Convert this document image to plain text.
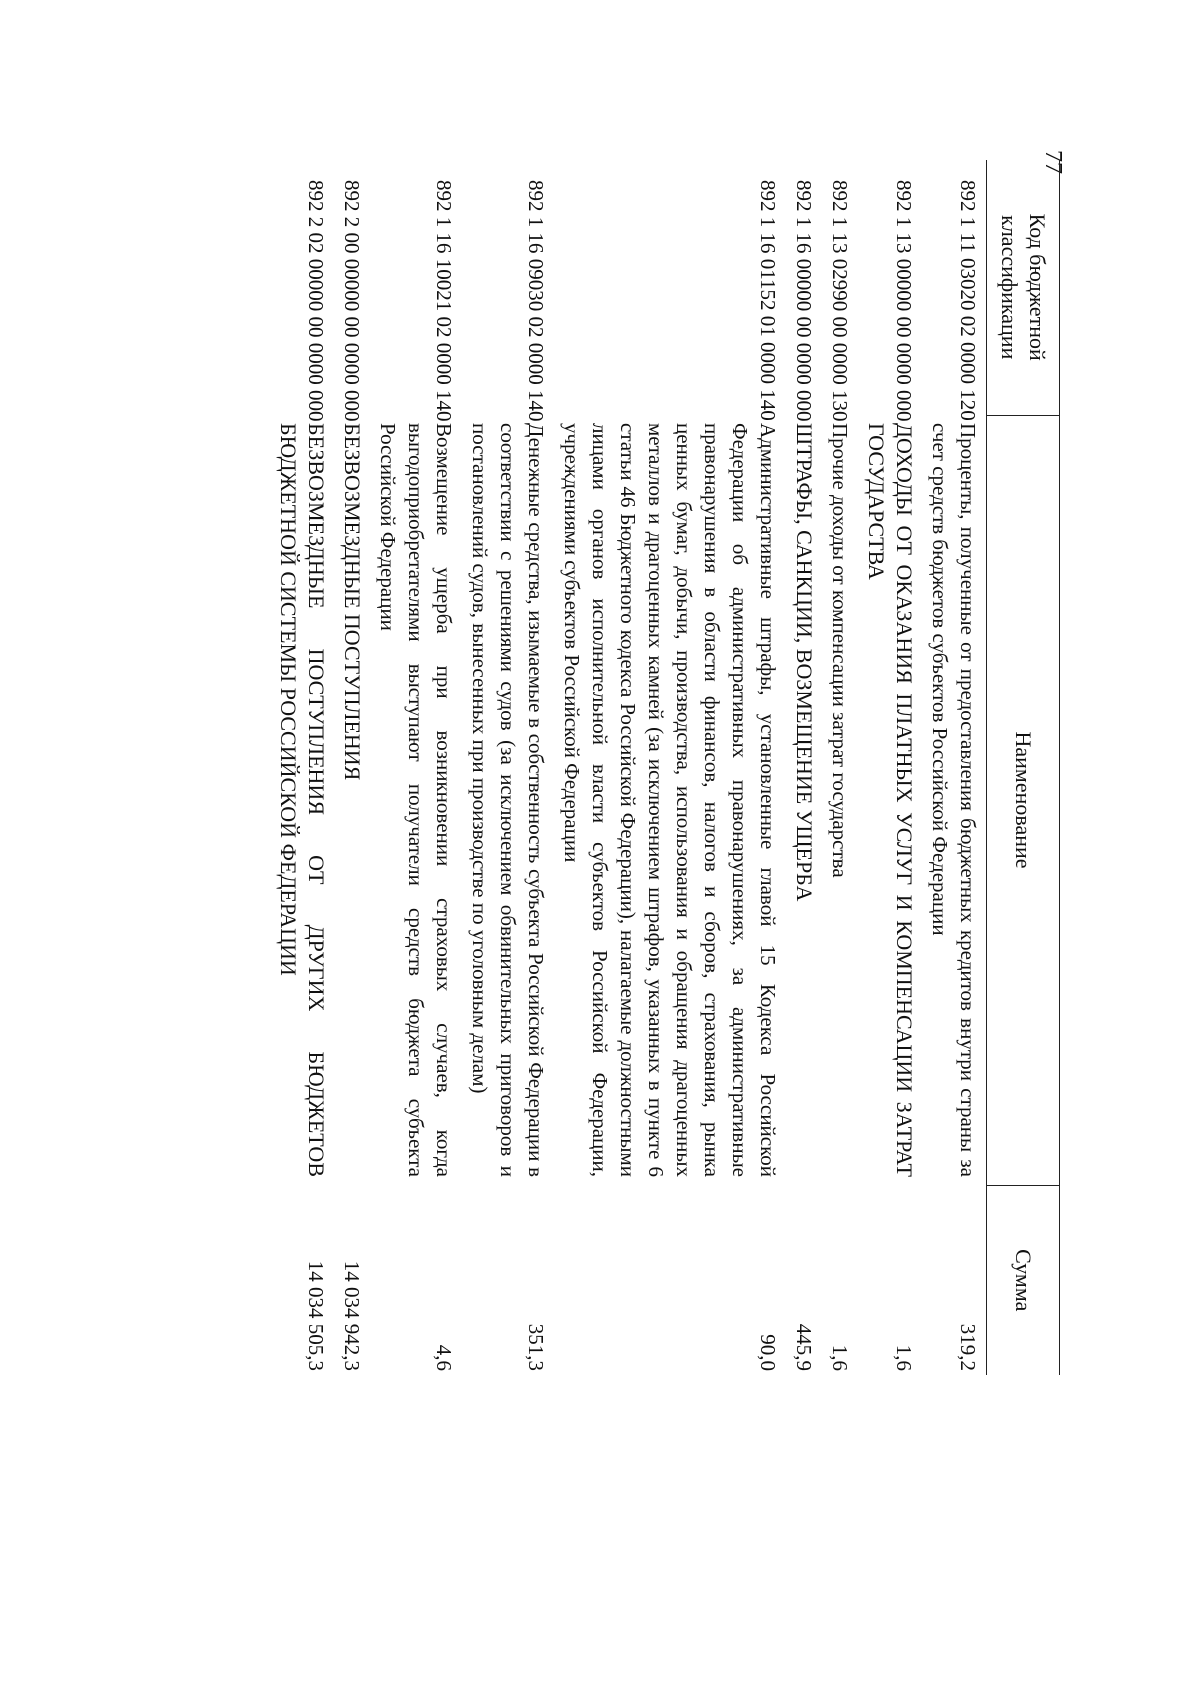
77
Код бюджетной классификации	Наименование	Сумма	
892 1 11 03020 02 0000 120	Проценты, полученные от предоставления бюджетных кредитов внутри страны за счет средств бюджетов субъектов Российской Федерации	319,2	
892 1 13 00000 00 0000 000	ДОХОДЫ ОТ ОКАЗАНИЯ ПЛАТНЫХ УСЛУГ И КОМПЕНСАЦИИ ЗАТРАТ ГОСУДАРСТВА	1,6	
892 1 13 02990 00 0000 130	Прочие доходы от компенсации затрат государства	1,6	
892 1 16 00000 00 0000 000	ШТРАФЫ, САНКЦИИ, ВОЗМЕЩЕНИЕ УЩЕРБА	445,9	
892 1 16 01152 01 0000 140	Административные штрафы, установленные главой 15 Кодекса Российской Федерации об административных правонарушениях, за административные правонарушения в области финансов, налогов и сборов, страхования, рынка ценных бумаг, добычи, производства, использования и обращения драгоценных металлов и драгоценных камней (за исключением штрафов, указанных в пункте 6 статьи 46 Бюджетного кодекса Российской Федерации), налагаемые должностными лицами органов исполнительной власти субъектов Российской Федерации, учреждениями субъектов Российской Федерации	90,0	
892 1 16 09030 02 0000 140	Денежные средства, изымаемые в собственность субъекта Российской Федерации в соответствии с решениями судов (за исключением обвинительных приговоров и постановлений судов, вынесенных при производстве по уголовным делам)	351,3	
892 1 16 10021 02 0000 140	Возмещение ущерба при возникновении страховых случаев, когда выгодоприобретателями выступают получатели средств бюджета субъекта Российской Федерации	4,6	
892 2 00 00000 00 0000 000	БЕЗВОЗМЕЗДНЫЕ ПОСТУПЛЕНИЯ	14 034 942,3	
892 2 02 00000 00 0000 000	БЕЗВОЗМЕЗДНЫЕ ПОСТУПЛЕНИЯ ОТ ДРУГИХ БЮДЖЕТОВ БЮДЖЕТНОЙ СИСТЕМЫ РОССИЙСКОЙ ФЕДЕРАЦИИ	14 034 505,3	
